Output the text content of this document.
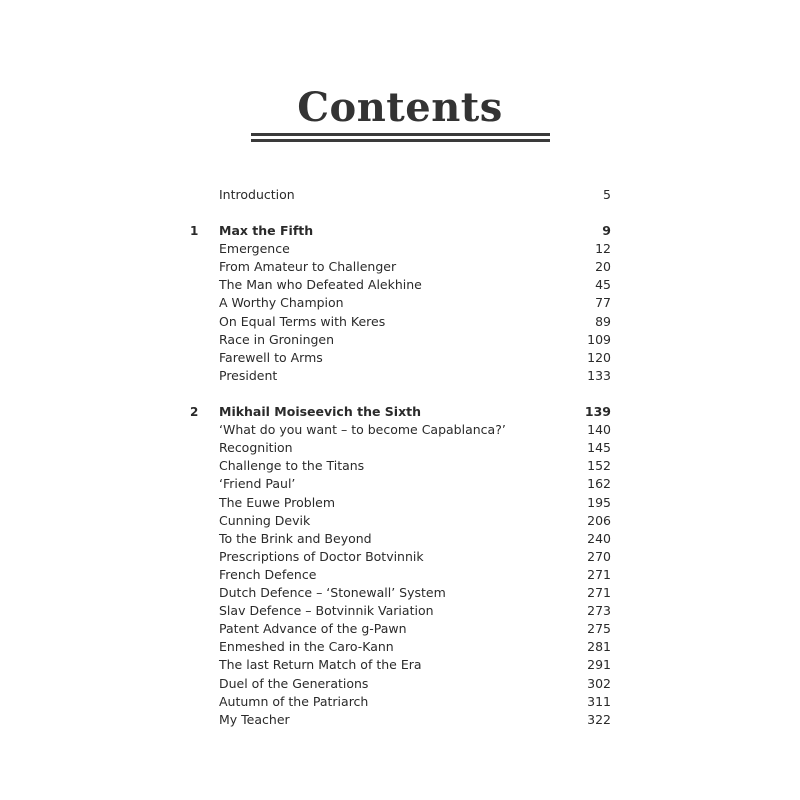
Contents
Introduction	5
1 Max the Fifth	9
Emergence	12
From Amateur to Challenger	20
The Man who Defeated Alekhine	45
A Worthy Champion	77
On Equal Terms with Keres	89
Race in Groningen	109
Farewell to Arms	120
President	133
2 Mikhail Moiseevich the Sixth	139
‘What do you want – to become Capablanca?’	140
Recognition	145
Challenge to the Titans	152
‘Friend Paul’	162
The Euwe Problem	195
Cunning Devik	206
To the Brink and Beyond	240
Prescriptions of Doctor Botvinnik	270
French Defence	271
Dutch Defence – ‘Stonewall’ System	271
Slav Defence – Botvinnik Variation	273
Patent Advance of the g-Pawn	275
Enmeshed in the Caro-Kann	281
The last Return Match of the Era	291
Duel of the Generations	302
Autumn of the Patriarch	311
My Teacher	322
